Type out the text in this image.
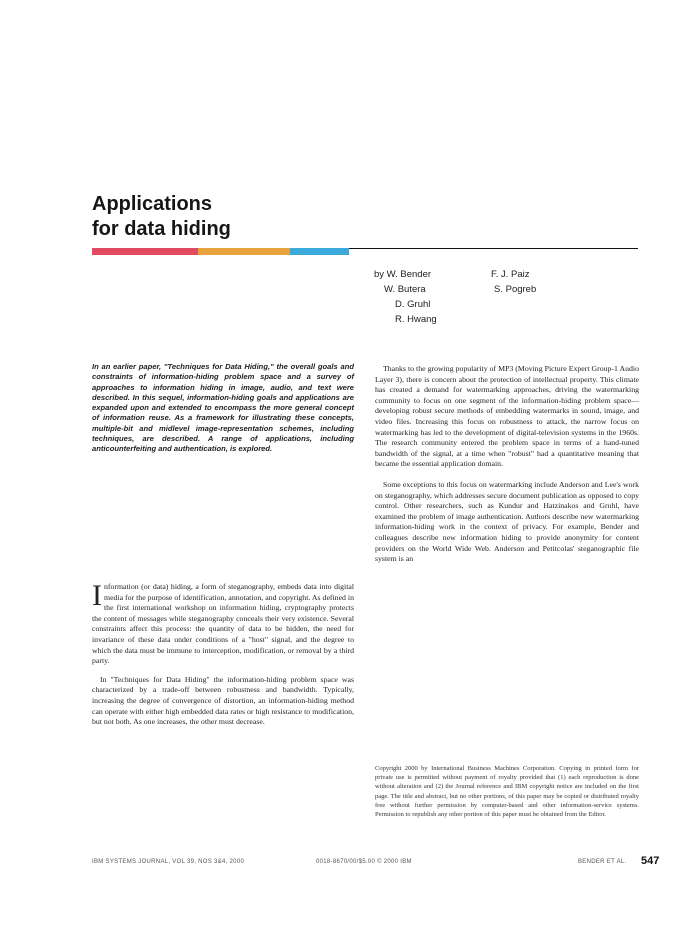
Applications
for data hiding
by W. Bender
W. Butera
D. Gruhl
R. Hwang
F. J. Paiz
S. Pogreb
In an earlier paper, "Techniques for Data Hiding," the overall goals and constraints of information-hiding problem space and a survey of approaches to information hiding in image, audio, and text were described. In this sequel, information-hiding goals and applications are expanded upon and extended to encompass the more general concept of information reuse. As a framework for illustrating these concepts, multiple-bit and midlevel image-representation schemes, including techniques, are described. A range of applications, including anticounterfeiting and authentication, is explored.

Information (or data) hiding, a form of steganography, embeds data into digital media for the purpose of identification, annotation, and copyright. As defined in the first international workshop on information hiding, cryptography protects the content of messages while steganography conceals their very existence. Several constraints affect this process: the quantity of data to be hidden, the need for invariance of these data under conditions of a "host" signal, and the degree to which the data must be immune to interception, modification, or removal by a third party.

In "Techniques for Data Hiding" the information-hiding problem space was characterized by a trade-off between robustness and bandwidth. Typically, increasing the degree of convergence of distortion, an information-hiding method can operate with either high embedded data rates or high resistance to modification, but not both. As one increases, the other must decrease.

Thanks to the growing popularity of MP3 (Moving Picture Expert Group-1 Audio Layer 3), there is concern about the protection of intellectual property. This climate has created a demand for watermarking approaches, driving the watermarking community to focus on one segment of the information-hiding problem space—developing robust secure methods of embedding watermarks in sound, image, and video files. Increasing this focus on robustness to attack, the narrow focus on watermarking has led to the development of digital-television systems in the 1960s. The research community entered the problem space in terms of a hand-tuned bandwidth of the signal, at a time when "robust" had a quantitative meaning that became the essential application domain.

Some exceptions to this focus on watermarking include Anderson and Lee's work on steganography, which addresses secure document publication as opposed to copy control. Other researchers, such as Kundur and Hatzinakos and Gruhl, have examined the problem of image authentication. Authors describe new watermarking information-hiding work in the context of privacy. For example, Bender and colleagues describe new information hiding to provide anonymity for content providers on the World Wide Web. Anderson and Petitcolas' steganographic file system is an

Copyright 2000 by International Business Machines Corporation. Copying in printed form for private use is permitted without payment of royalty provided that (1) each reproduction is done without alteration and (2) the Journal reference and IBM copyright notice are included on the first page. The title and abstract, but no other portions, of this paper may be copied or distributed royalty free without further permission by computer-based and other information-service systems. Permission to republish any other portion of this paper must be obtained from the Editor.
IBM SYSTEMS JOURNAL, VOL 39, NOS 3&4, 2000	0018-8670/00/$5.00 © 2000 IBM	BENDER ET AL. 547
